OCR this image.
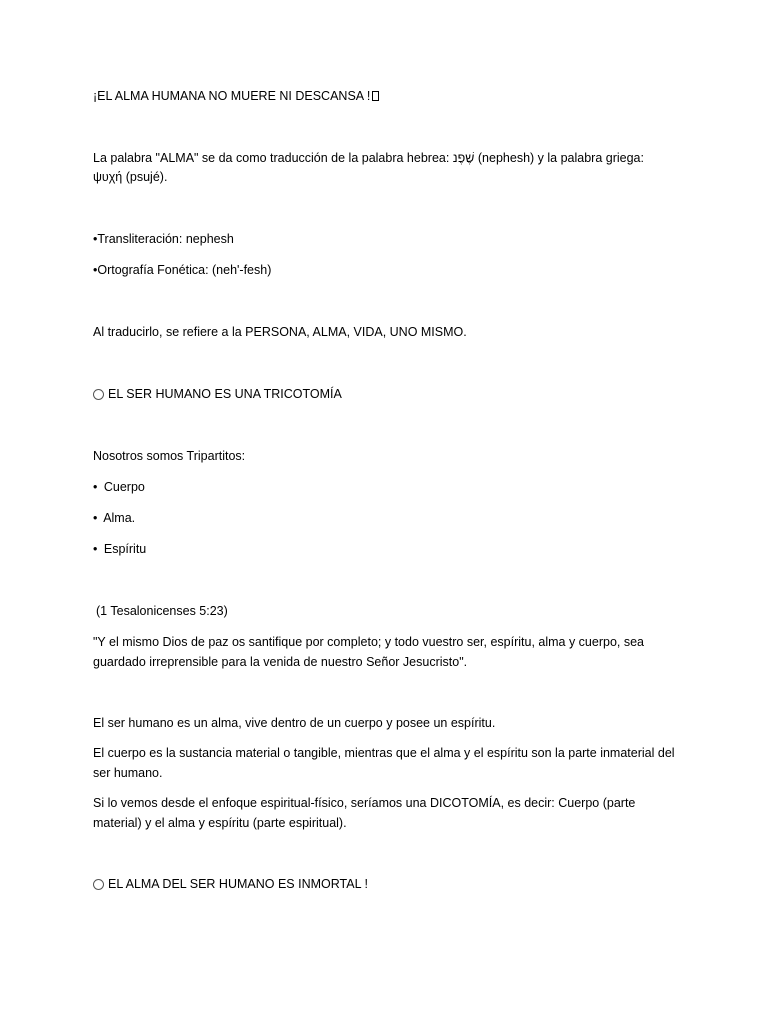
¡EL ALMA HUMANA NO MUERE NI DESCANSA !
La palabra "ALMA" se da como traducción de la palabra hebrea: שֶׁפֶנ (nephesh) y la palabra griega:
ψυχή (psujé).
•Transliteración: nephesh
•Ortografía Fonética: (neh'-fesh)
Al traducirlo, se refiere a la PERSONA, ALMA, VIDA, UNO MISMO.
EL SER HUMANO ES UNA TRICOTOMÍA
Nosotros somos Tripartitos:
• Cuerpo
• Alma.
• Espíritu
(1 Tesalonicenses 5:23)
"Y el mismo Dios de paz os santifique por completo; y todo vuestro ser, espíritu, alma y cuerpo, sea guardado irreprensible para la venida de nuestro Señor Jesucristo".
El ser humano es un alma, vive dentro de un cuerpo y posee un espíritu.
El cuerpo es la sustancia material o tangible, mientras que el alma y el espíritu son la parte inmaterial del ser humano.
Si lo vemos desde el enfoque espiritual-físico, seríamos una DICOTOMÍA, es decir: Cuerpo (parte material) y el alma y espíritu (parte espiritual).
EL ALMA DEL SER HUMANO ES INMORTAL !
